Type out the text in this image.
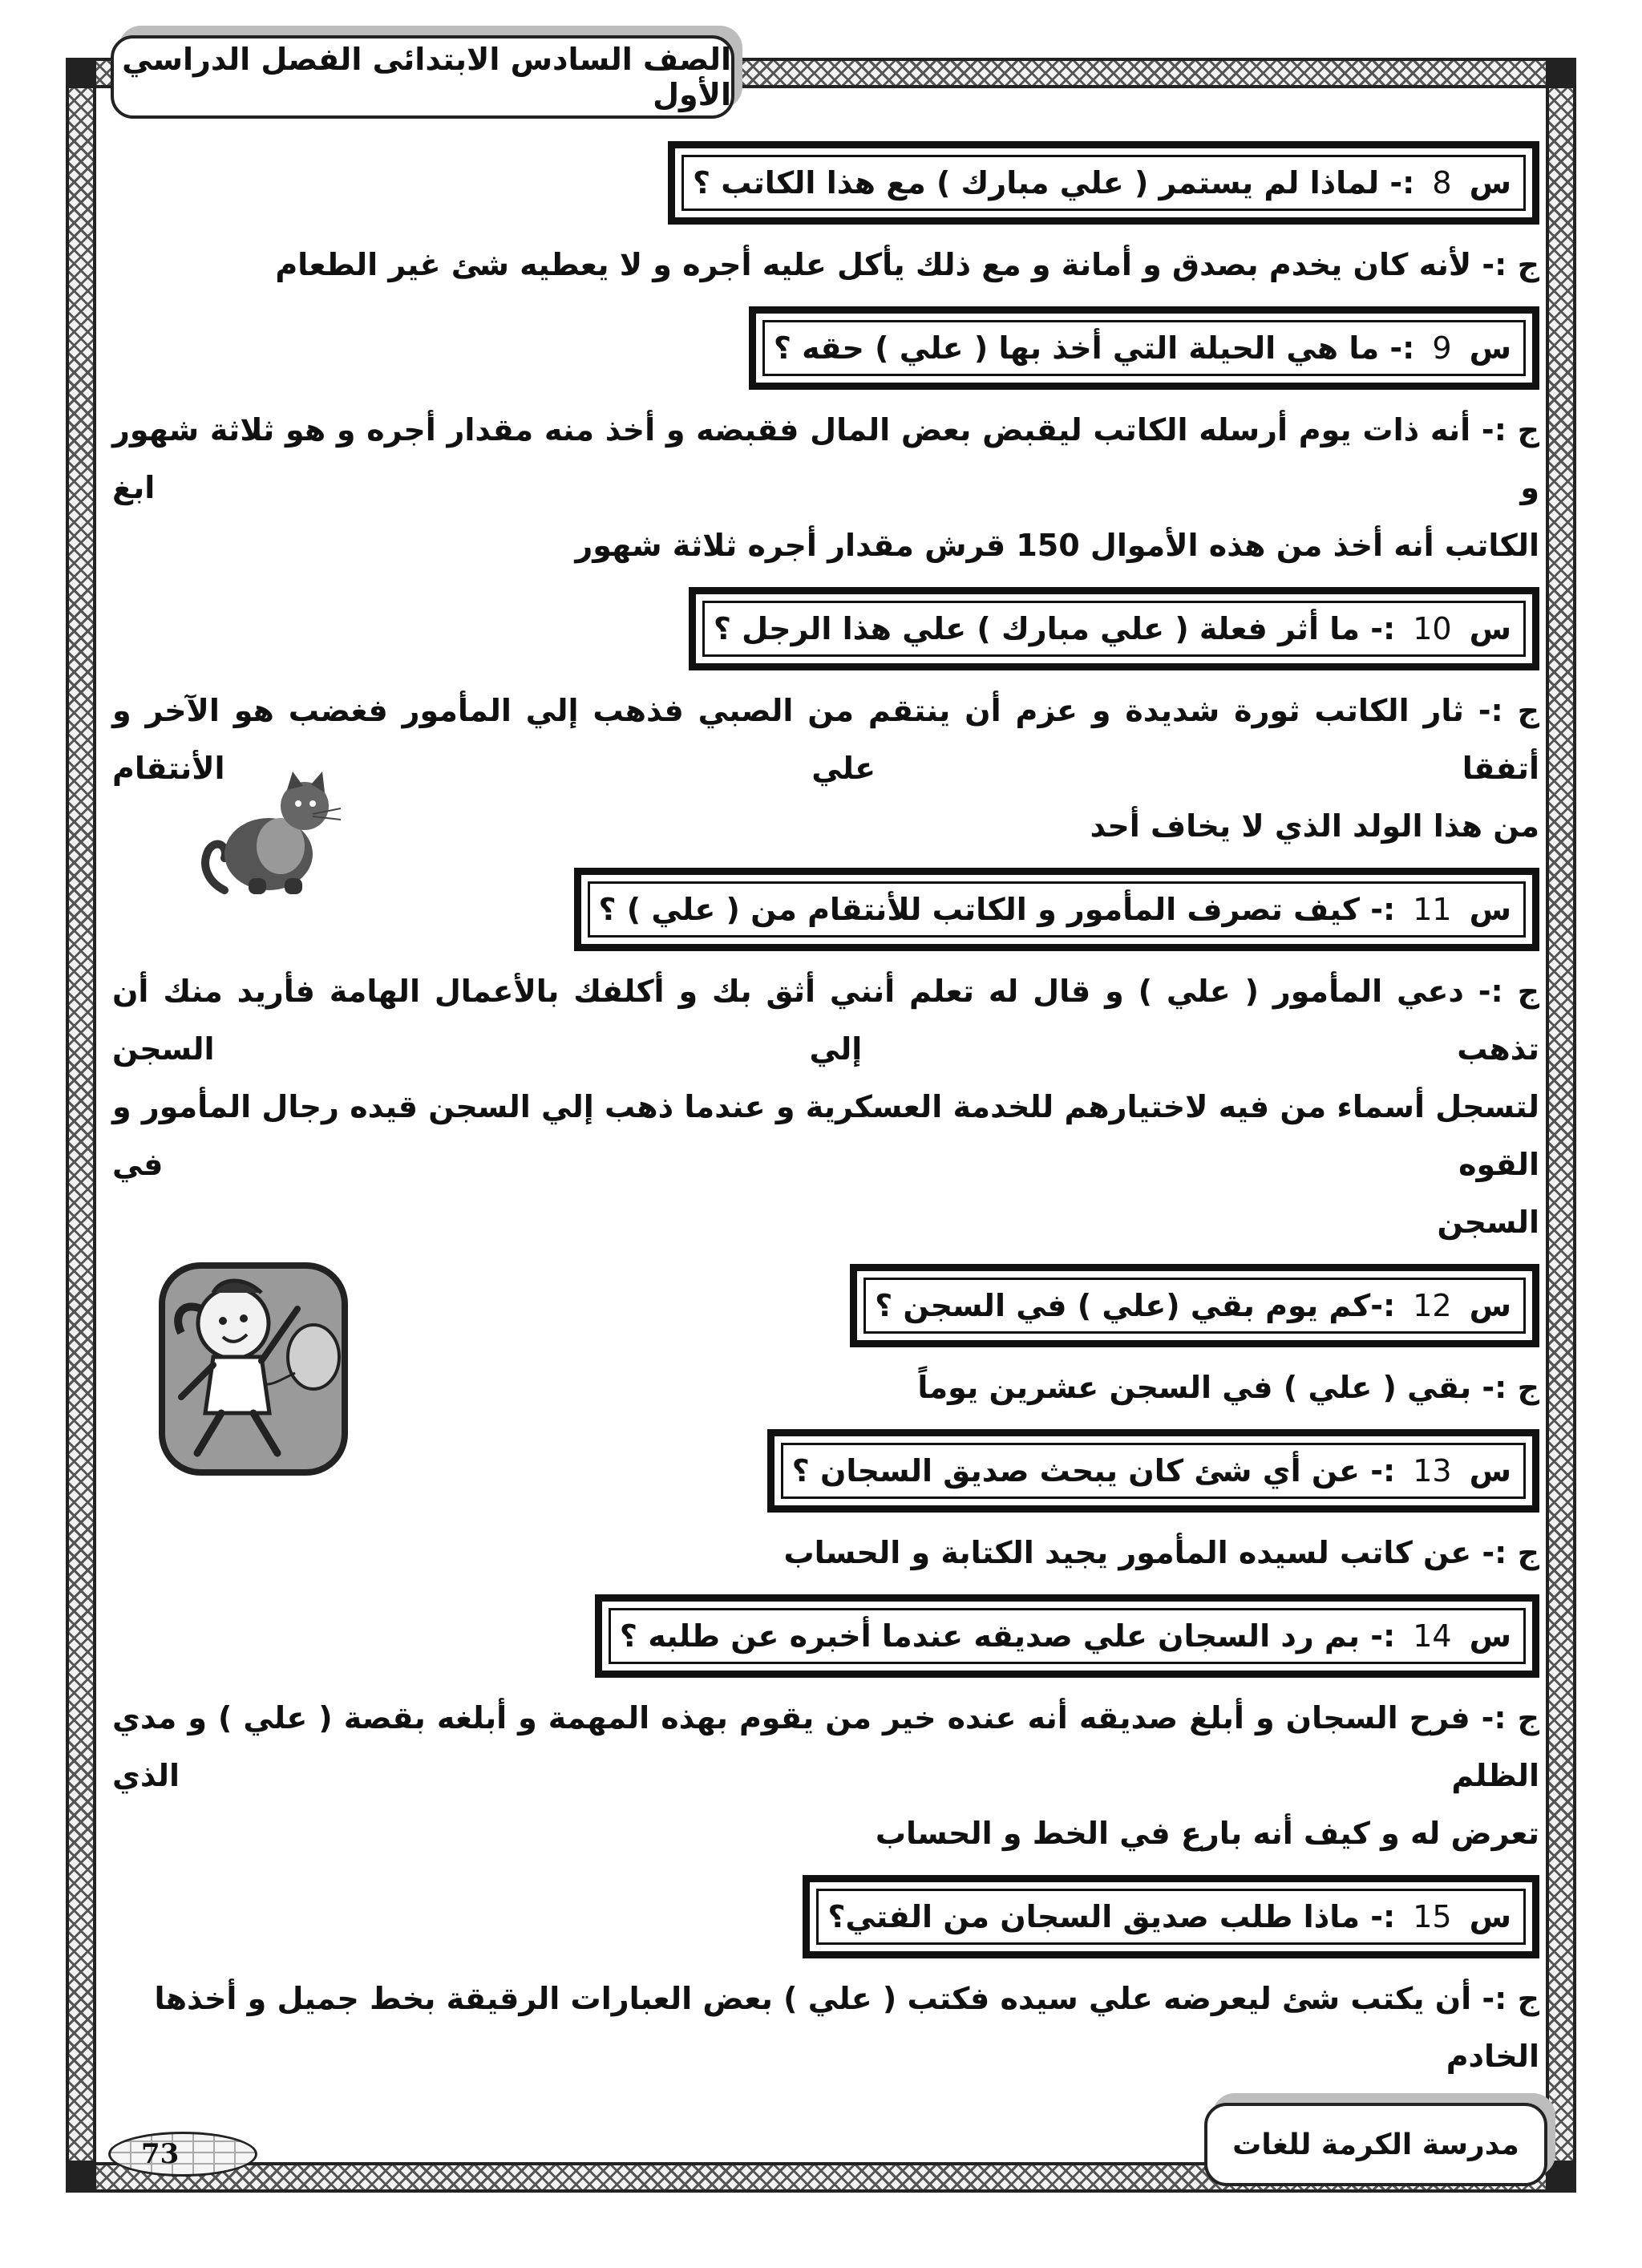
الصف السادس الابتدائى الفصل الدراسي الأول
مدرسة الكرمة للغات
73
س8:- لماذا لم يستمر ( علي مبارك ) مع هذا الكاتب ؟

ج :- لأنه كان يخدم بصدق و أمانة و مع ذلك يأكل عليه أجره و لا يعطيه شئ غير الطعام

س9:- ما هي الحيلة التي أخذ بها ( علي ) حقه ؟

ج :- أنه ذات يوم أرسله الكاتب ليقبض بعض المال فقبضه و أخذ منه مقدار أجره و هو ثلاثة شهور و ابغ

الكاتب أنه أخذ من هذه الأموال 150 قرش مقدار أجره ثلاثة شهور

س10:- ما أثر فعلة ( علي مبارك ) علي هذا الرجل ؟

ج :- ثار الكاتب ثورة شديدة و عزم أن ينتقم من الصبي فذهب إلي المأمور فغضب هو الآخر و أتفقا علي الأنتقام

من هذا الولد الذي لا يخاف أحد

س11:- كيف تصرف المأمور و الكاتب للأنتقام من ( علي ) ؟

ج :- دعي المأمور ( علي ) و قال له تعلم أنني أثق بك و أكلفك بالأعمال الهامة فأريد منك أن تذهب إلي السجن

لتسجل أسماء من فيه لاختيارهم للخدمة العسكرية و عندما ذهب إلي السجن قيده رجال المأمور و القوه في

السجن

س12:-كم يوم بقي (علي ) في السجن ؟

ج :- بقي ( علي ) في السجن عشرين يوماً

س13:- عن أي شئ كان يبحث صديق السجان ؟

ج :- عن كاتب لسيده المأمور يجيد الكتابة و الحساب

س14:- بم رد السجان علي صديقه عندما أخبره عن طلبه ؟

ج :- فرح السجان و أبلغ صديقه أنه عنده خير من يقوم بهذه المهمة و أبلغه بقصة ( علي ) و مدي الظلم الذي

تعرض له و كيف أنه بارع في الخط و الحساب

س15:- ماذا طلب صديق السجان من الفتي؟

ج :- أن يكتب شئ ليعرضه علي سيده فكتب ( علي ) بعض العبارات الرقيقة بخط جميل و أخذها الخادم
